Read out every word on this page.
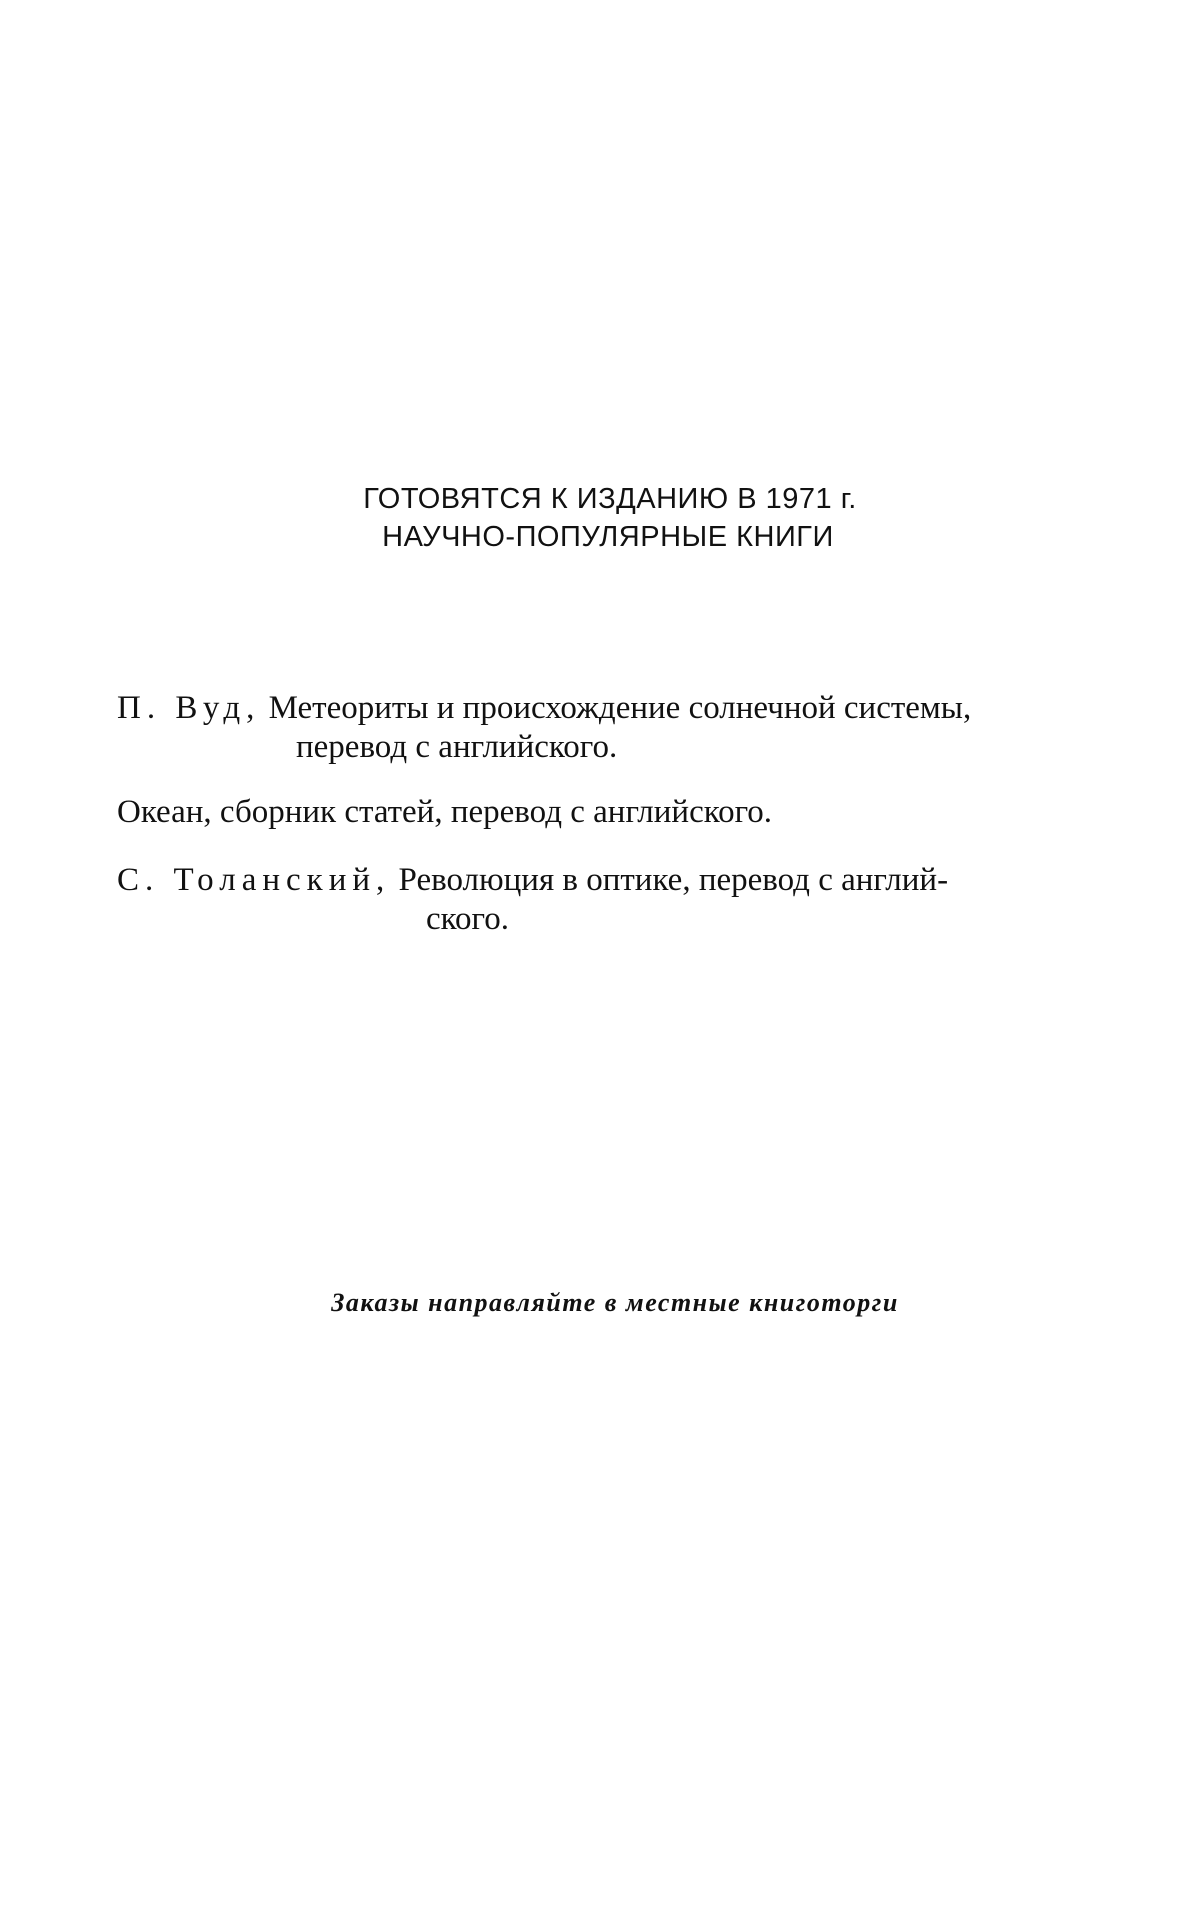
ГОТОВЯТСЯ К ИЗДАНИЮ В 1971 г.
НАУЧНО-ПОПУЛЯРНЫЕ КНИГИ
П. Вуд, Метеориты и происхождение солнечной системы,
перевод с английского.
Океан, сборник статей, перевод с английского.
С. Толанский, Революция в оптике, перевод с англий-
ского.
Заказы направляйте в местные книготорги
